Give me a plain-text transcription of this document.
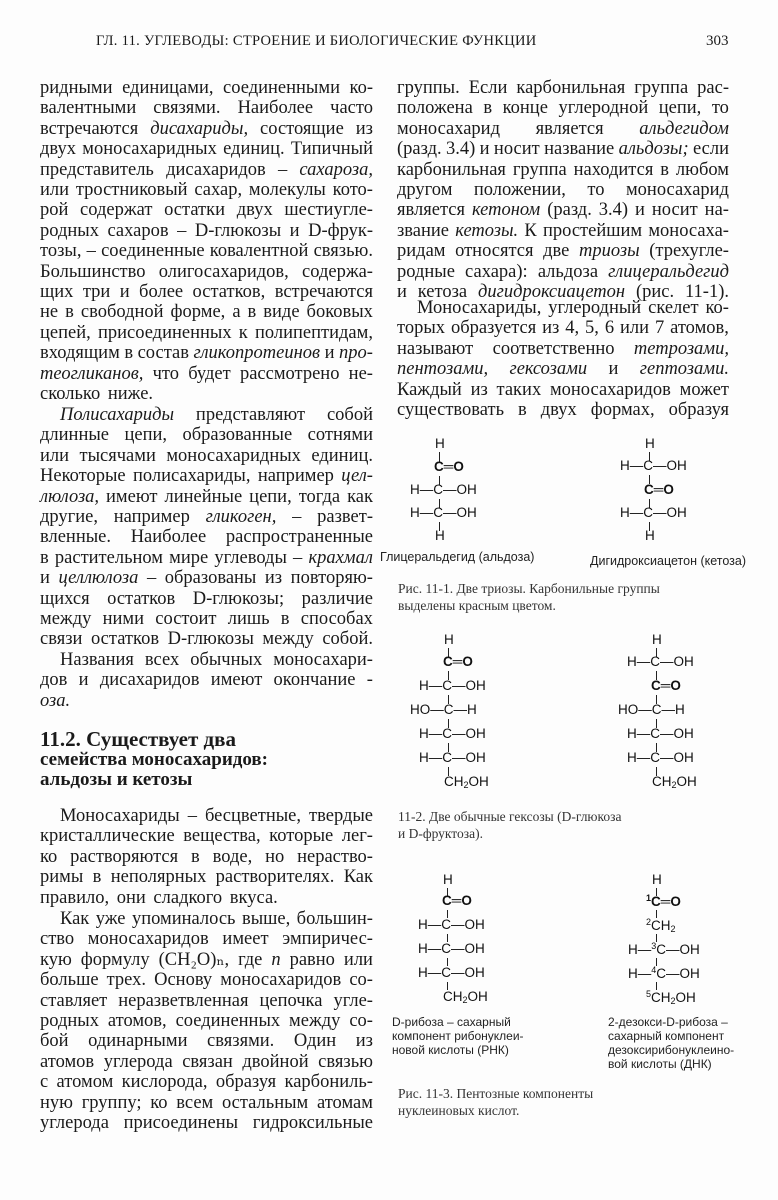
ГЛ. 11. УГЛЕВОДЫ: СТРОЕНИЕ И БИОЛОГИЧЕСКИЕ ФУНКЦИИ	303
ридными единицами, соединенными ко-
валентными связями. Наиболее часто
встречаются дисахариды, состоящие из
двух моносахаридных единиц. Типичный
представитель дисахаридов – сахароза,
или тростниковый сахар, молекулы кото-
рой содержат остатки двух шестиугле-
родных сахаров – D-глюкозы и D-фрук-
тозы, – соединенные ковалентной связью.
Большинство олигосахаридов, содержа-
щих три и более остатков, встречаются
не в свободной форме, а в виде боковых
цепей, присоединенных к полипептидам,
входящим в состав гликопротеинов и про-
теогликанов, что будет рассмотрено не-
сколько ниже.
Полисахариды представляют собой
длинные цепи, образованные сотнями
или тысячами моносахаридных единиц.
Некоторые полисахариды, например цел-
люлоза, имеют линейные цепи, тогда как
другие, например гликоген, – развет-
вленные. Наиболее распространенные
в растительном мире углеводы – крахмал
и целлюлоза – образованы из повторяю-
щихся остатков D-глюкозы; различие
между ними состоит лишь в способах
связи остатков D-глюкозы между собой.
Названия всех обычных моносахари-
дов и дисахаридов имеют окончание -
оза.
11.2. Существует два
семейства моносахаридов:
альдозы и кетозы
Моносахариды – бесцветные, твердые
кристаллические вещества, которые лег-
ко растворяются в воде, но нераство-
римы в неполярных растворителях. Как
правило, они сладкого вкуса.
Как уже упоминалось выше, большин-
ство моносахаридов имеет эмпиричес-
кую формулу (CH₂O)ₙ, где n равно или
больше трех. Основу моносахаридов со-
ставляет неразветвленная цепочка угле-
родных атомов, соединенных между со-
бой одинарными связями. Один из
атомов углерода связан двойной связью
с атомом кислорода, образуя карбониль-
ную группу; ко всем остальным атомам
углерода присоединены гидроксильные
группы. Если карбонильная группа рас-
положена в конце углеродной цепи, то
моносахарид является альдегидом
(разд. 3.4) и носит название альдозы; если
карбонильная группа находится в любом
другом положении, то моносахарид
является кетоном (разд. 3.4) и носит на-
звание кетозы. К простейшим моносаха-
ридам относятся две триозы (трехугле-
родные сахара): альдоза глицеральдегид
и кетоза дигидроксиацетон (рис. 11-1).
Моносахариды, углеродный скелет ко-
торых образуется из 4, 5, 6 или 7 атомов,
называют соответственно тетрозами,
пентозами, гексозами и гептозами.
Каждый из таких моносахаридов может
существовать в двух формах, образуя
H
C═O
H—C—OH
H—C—OH
H
Глицеральдегид (альдоза)
H
H—C—OH
C═O
H—C—OH
H
Дигидроксиацетон (кетоза)
Рис. 11-1. Две триозы. Карбонильные группы
выделены красным цветом.
H
C═O
H—C—OH
HO—C—H
H—C—OH
H—C—OH
$CH_2OH$
H
H—C—OH
C═O
HO—C—H
H—C—OH
H—C—OH
$CH_2OH$
11-2. Две обычные гексозы (D-глюкоза
и D-фруктоза).
H
C═O
H—C—OH
H—C—OH
H—C—OH
$CH_2OH$
D-рибоза – сахарный
компонент рибонуклеи-
новой кислоты (РНК)
H
$^1$C═O
$^2CH_2$
H—$^3$C—OH
H—$^4$C—OH
$^5CH_2OH$
2-дезокси-D-рибоза –
сахарный компонент
дезоксирибонуклеино-
вой кислоты (ДНК)
Рис. 11-3. Пентозные компоненты
нуклеиновых кислот.
